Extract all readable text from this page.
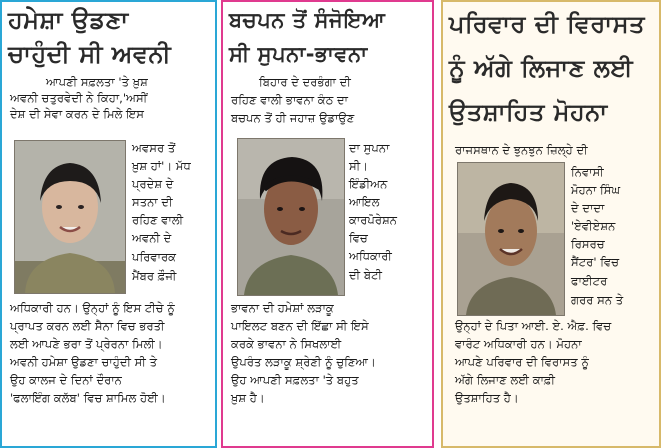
ਹਮੇਸ਼ਾ ਉਡਣਾ
ਚਾਹੁੰਦੀ ਸੀ ਅਵਨੀ
ਆਪਣੀ ਸਫ਼ਲਤਾ 'ਤੇ ਖ਼ੁਸ਼
ਅਵਨੀ ਚਤੁਰਵੇਦੀ ਨੇ ਕਿਹਾ,'ਅਸੀਂ
ਦੇਸ਼ ਦੀ ਸੇਵਾ ਕਰਨ ਦੇ ਮਿਲੇ ਇਸ
ਅਵਸਰ ਤੋਂ
ਖ਼ੁਸ਼ ਹਾਂ'। ਮੱਧ
ਪ੍ਰਦੇਸ਼ ਦੇ
ਸਤਨਾ ਦੀ
ਰਹਿਣ ਵਾਲੀ
ਅਵਨੀ ਦੇ
ਪਰਿਵਾਰਕ
ਮੈਂਬਰ ਫ਼ੌਜੀ
ਅਧਿਕਾਰੀ ਹਨ। ਉਨ੍ਹਾਂ ਨੂੰ ਇਸ ਟੀਚੇ ਨੂੰ
ਪ੍ਰਾਪਤ ਕਰਨ ਲਈ ਸੈਨਾ ਵਿਚ ਭਰਤੀ
ਲਈ ਆਪਣੇ ਭਰਾ ਤੋਂ ਪ੍ਰੇਰਨਾ ਮਿਲੀ।
ਅਵਨੀ ਹਮੇਸ਼ਾ ਉਡਣਾ ਚਾਹੁੰਦੀ ਸੀ ਤੇ
ਉਹ ਕਾਲਜ ਦੇ ਦਿਨਾਂ ਦੌਰਾਨ
'ਫਲਾਇੰਗ ਕਲੱਬ' ਵਿਚ ਸ਼ਾਮਿਲ ਹੋਈ।
ਬਚਪਨ ਤੋਂ ਸੰਜੋਇਆ
ਸੀ ਸੁਪਨਾ-ਭਾਵਨਾ
ਬਿਹਾਰ ਦੇ ਦਰਭੰਗਾ ਦੀ
ਰਹਿਣ ਵਾਲੀ ਭਾਵਨਾ ਕੰਠ ਦਾ
ਬਚਪਨ ਤੋਂ ਹੀ ਜਹਾਜ਼ ਉਡਾਉਣ
ਦਾ ਸੁਪਨਾ
ਸੀ।
ਇੰਡੀਅਨ
ਆਇਲ
ਕਾਰਪੋਰੇਸ਼ਨ
ਵਿਚ
ਅਧਿਕਾਰੀ
ਦੀ ਬੇਟੀ
ਭਾਵਨਾ ਦੀ ਹਮੇਸ਼ਾਂ ਲੜਾਕੂ
ਪਾਇਲਟ ਬਣਨ ਦੀ ਇੱਛਾ ਸੀ ਇਸੇ
ਕਰਕੇ ਭਾਵਨਾ ਨੇ ਸਿਖਲਾਈ
ਉਪਰੰਤ ਲੜਾਕੂ ਸ਼੍ਰੇਣੀ ਨੂੰ ਚੁਣਿਆ।
ਉਹ ਆਪਣੀ ਸਫ਼ਲਤਾ 'ਤੇ ਬਹੁਤ
ਖ਼ੁਸ਼ ਹੈ।
ਪਰਿਵਾਰ ਦੀ ਵਿਰਾਸਤ
ਨੂੰ ਅੱਗੇ ਲਿਜਾਣ ਲਈ
ਉਤਸ਼ਾਹਿਤ ਮੋਹਨਾ
ਰਾਜਸਥਾਨ ਦੇ ਝੁਨਝੁਨ ਜ਼ਿਲ੍ਹੇ ਦੀ
ਨਿਵਾਸੀ
ਮੋਹਨਾ ਸਿੰਘ
ਦੇ ਦਾਦਾ
'ਏਵੀਏਸ਼ਨ
ਰਿਸਰਚ
ਸੈਂਟਰ' ਵਿਚ
ਫਾਈਟਰ
ਗਰਰ ਸਨ ਤੇ
ਉਨ੍ਹਾਂ ਦੇ ਪਿਤਾ ਆਈ. ਏ. ਐਫ਼. ਵਿਚ
ਵਾਰੰਟ ਅਧਿਕਾਰੀ ਹਨ। ਮੋਹਨਾ
ਆਪਣੇ ਪਰਿਵਾਰ ਦੀ ਵਿਰਾਸਤ ਨੂੰ
ਅੱਗੇ ਲਿਜਾਣ ਲਈ ਕਾਫ਼ੀ
ਉਤਸ਼ਾਹਿਤ ਹੈ।
